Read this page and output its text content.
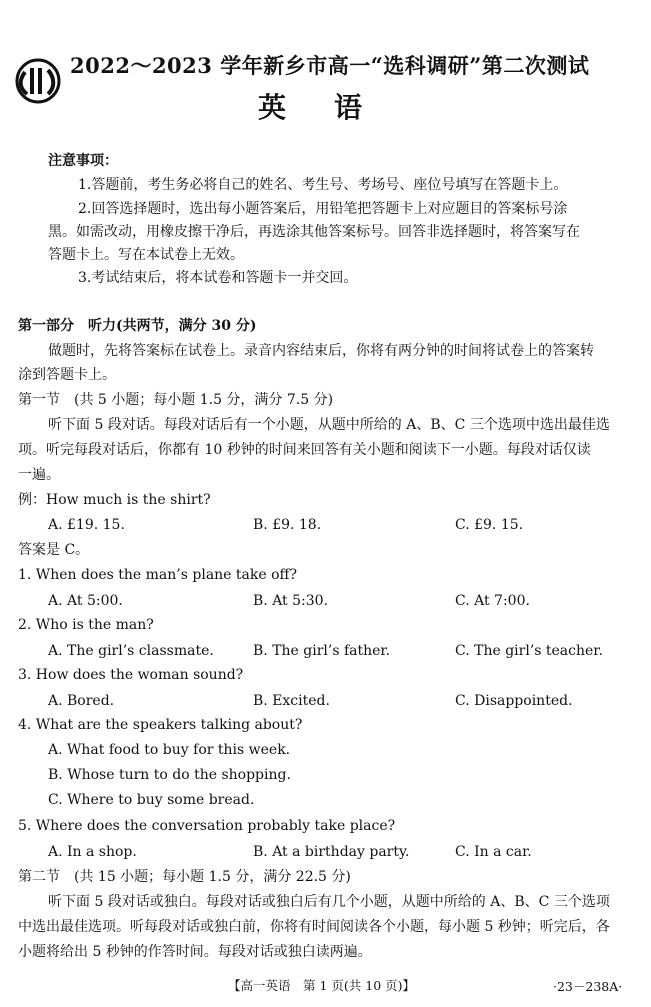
2022～2023 学年新乡市高一“选科调研”第二次测试
英语
注意事项：
1.答题前，考生务必将自己的姓名、考生号、考场号、座位号填写在答题卡上。
2.回答选择题时，选出每小题答案后，用铅笔把答题卡上对应题目的答案标号涂
黑。如需改动，用橡皮擦干净后，再选涂其他答案标号。回答非选择题时，将答案写在
答题卡上。写在本试卷上无效。
3.考试结束后，将本试卷和答题卡一并交回。
第一部分　听力(共两节，满分 30 分)
做题时，先将答案标在试卷上。录音内容结束后，你将有两分钟的时间将试卷上的答案转
涂到答题卡上。
第一节　(共 5 小题；每小题 1.5 分，满分 7.5 分)
听下面 5 段对话。每段对话后有一个小题，从题中所给的 A、B、C 三个选项中选出最佳选
项。听完每段对话后，你都有 10 秒钟的时间来回答有关小题和阅读下一小题。每段对话仅读
一遍。
例：How much is the shirt?
A. £19. 15.	B. £9. 18.	C. £9. 15.
答案是 C。
1. When does the man’s plane take off?
A. At 5:00.	B. At 5:30.	C. At 7:00.
2. Who is the man?
A. The girl’s classmate.	B. The girl’s father.	C. The girl’s teacher.
3. How does the woman sound?
A. Bored.	B. Excited.	C. Disappointed.
4. What are the speakers talking about?
A. What food to buy for this week.
B. Whose turn to do the shopping.
C. Where to buy some bread.
5. Where does the conversation probably take place?
A. In a shop.	B. At a birthday party.	C. In a car.
第二节　(共 15 小题；每小题 1.5 分，满分 22.5 分)
听下面 5 段对话或独白。每段对话或独白后有几个小题，从题中所给的 A、B、C 三个选项
中选出最佳选项。听每段对话或独白前，你将有时间阅读各个小题，每小题 5 秒钟；听完后，各
小题将给出 5 秒钟的作答时间。每段对话或独白读两遍。
【高一英语　第 1 页(共 10 页)】	·23－238A·
